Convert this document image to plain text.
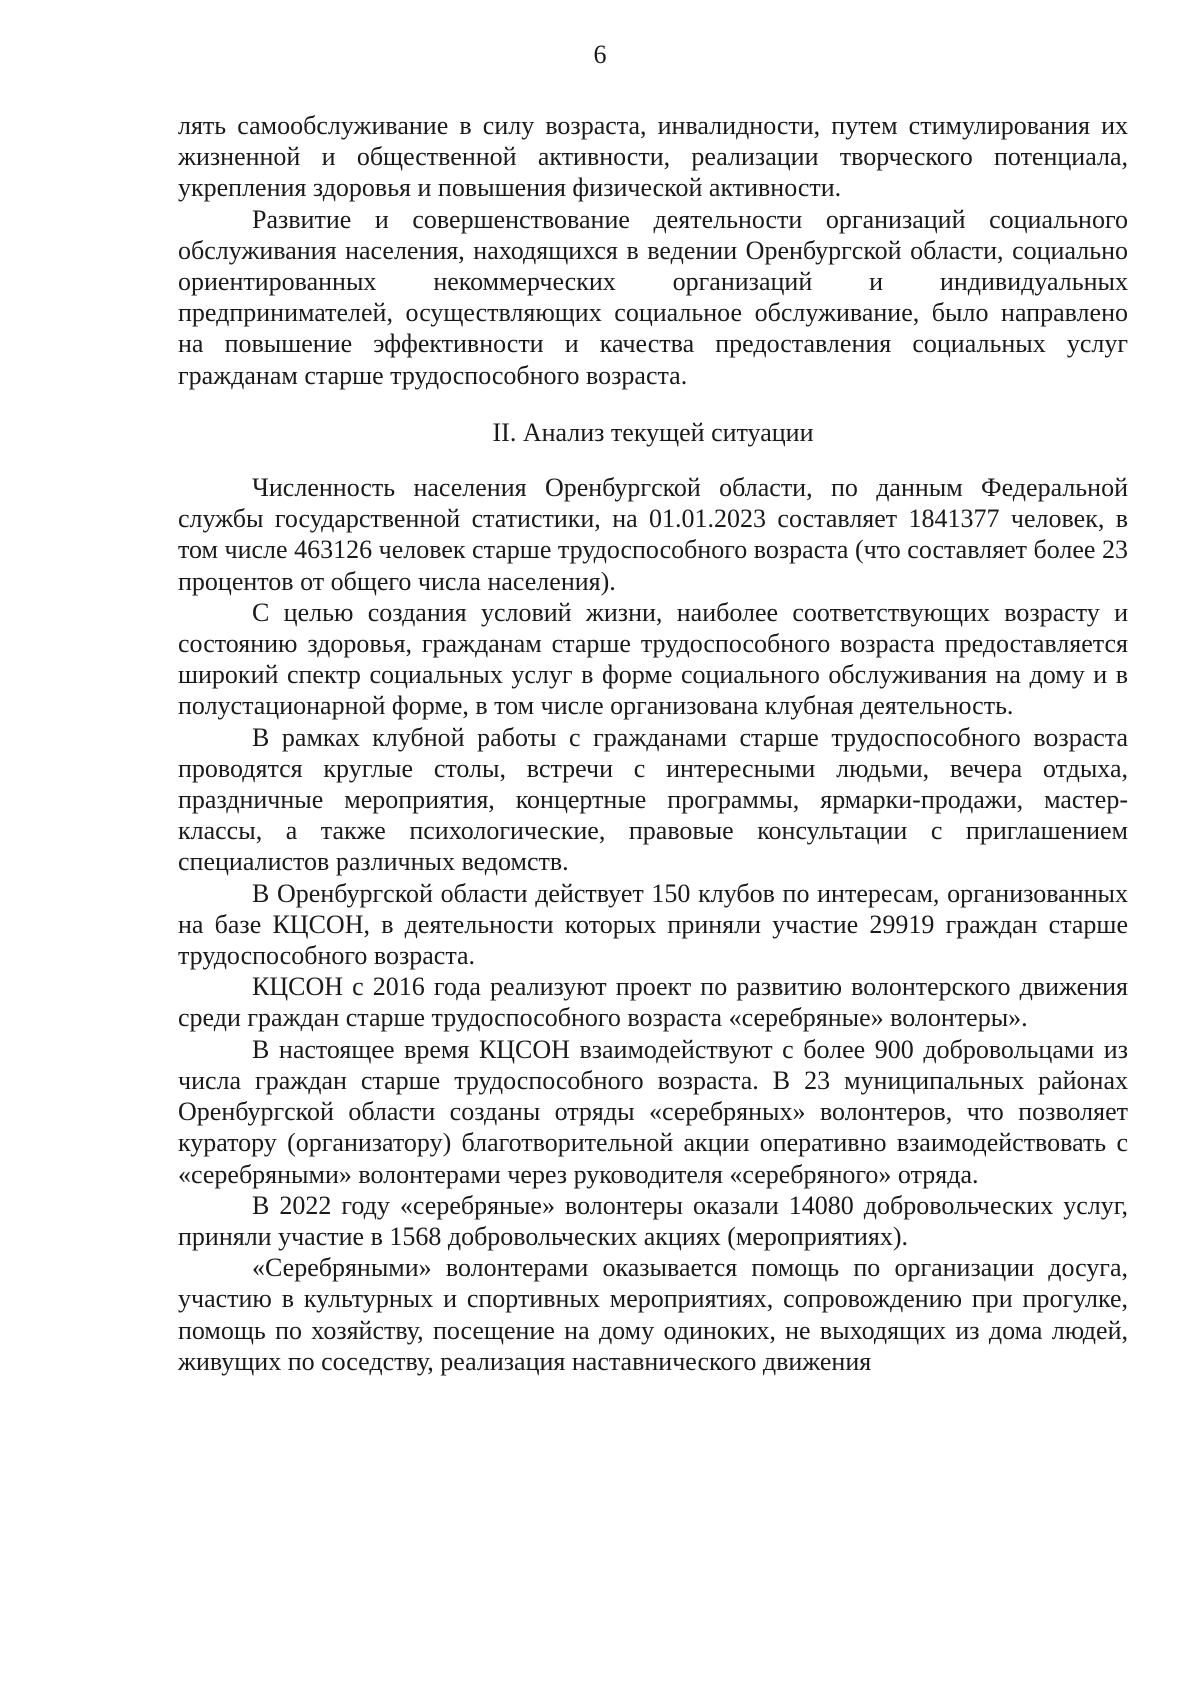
6

лять самообслуживание в силу возраста, инвалидности, путем стимулирования их жизненной и общественной активности, реализации творческого потенциала, укрепления здоровья и повышения физической активности.

Развитие и совершенствование деятельности организаций социального обслуживания населения, находящихся в ведении Оренбургской области, социально ориентированных некоммерческих организаций и индивидуальных предпринимателей, осуществляющих социальное обслуживание, было направлено на повышение эффективности и качества предоставления социальных услуг гражданам старше трудоспособного возраста.

II. Анализ текущей ситуации

Численность населения Оренбургской области, по данным Федеральной службы государственной статистики, на 01.01.2023 составляет 1841377 человек, в том числе 463126 человек старше трудоспособного возраста (что составляет более 23 процентов от общего числа населения).

С целью создания условий жизни, наиболее соответствующих возрасту и состоянию здоровья, гражданам старше трудоспособного возраста предоставляется широкий спектр социальных услуг в форме социального обслуживания на дому и в полустационарной форме, в том числе организована клубная деятельность.

В рамках клубной работы с гражданами старше трудоспособного возраста проводятся круглые столы, встречи с интересными людьми, вечера отдыха, праздничные мероприятия, концертные программы, ярмарки-продажи, мастер-классы, а также психологические, правовые консультации с приглашением специалистов различных ведомств.

В Оренбургской области действует 150 клубов по интересам, организованных на базе КЦСОН, в деятельности которых приняли участие 29919 граждан старше трудоспособного возраста.

КЦСОН с 2016 года реализуют проект по развитию волонтерского движения среди граждан старше трудоспособного возраста «серебряные» волонтеры».

В настоящее время КЦСОН взаимодействуют с более 900 добровольцами из числа граждан старше трудоспособного возраста. В 23 муниципальных районах Оренбургской области созданы отряды «серебряных» волонтеров, что позволяет куратору (организатору) благотворительной акции оперативно взаимодействовать с «серебряными» волонтерами через руководителя «серебряного» отряда.

В 2022 году «серебряные» волонтеры оказали 14080 добровольческих услуг, приняли участие в 1568 добровольческих акциях (мероприятиях).

«Серебряными» волонтерами оказывается помощь по организации досуга, участию в культурных и спортивных мероприятиях, сопровождению при прогулке, помощь по хозяйству, посещение на дому одиноких, не выходящих из дома людей, живущих по соседству, реализация наставнического движения
